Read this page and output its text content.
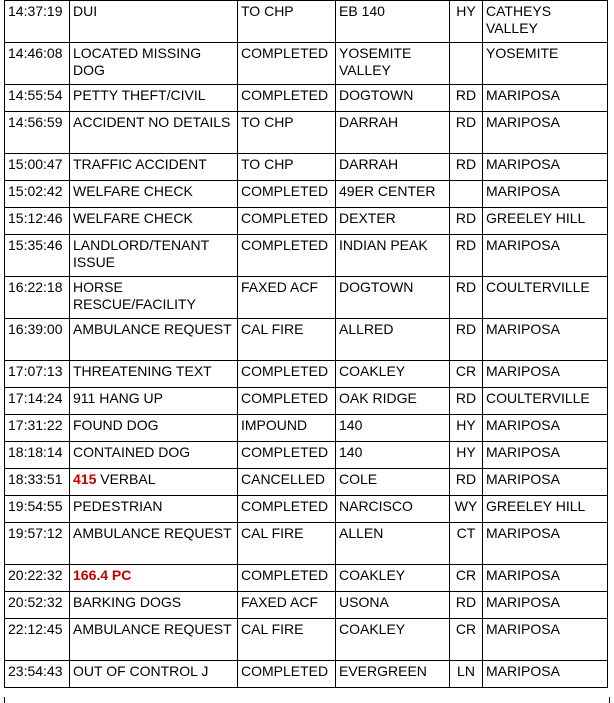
14:37:19	DUI	TO CHP	EB 140	HY	CATHEYS VALLEY
14:46:08	LOCATED MISSING DOG	COMPLETED	YOSEMITE VALLEY		YOSEMITE
14:55:54	PETTY THEFT/CIVIL	COMPLETED	DOGTOWN	RD	MARIPOSA
14:56:59	ACCIDENT NO DETAILS	TO CHP	DARRAH	RD	MARIPOSA
15:00:47	TRAFFIC ACCIDENT	TO CHP	DARRAH	RD	MARIPOSA
15:02:42	WELFARE CHECK	COMPLETED	49ER CENTER		MARIPOSA
15:12:46	WELFARE CHECK	COMPLETED	DEXTER	RD	GREELEY HILL
15:35:46	LANDLORD/TENANT ISSUE	COMPLETED	INDIAN PEAK	RD	MARIPOSA
16:22:18	HORSE RESCUE/FACILITY	FAXED ACF	DOGTOWN	RD	COULTERVILLE
16:39:00	AMBULANCE REQUEST	CAL FIRE	ALLRED	RD	MARIPOSA
17:07:13	THREATENING TEXT	COMPLETED	COAKLEY	CR	MARIPOSA
17:14:24	911 HANG UP	COMPLETED	OAK RIDGE	RD	COULTERVILLE
17:31:22	FOUND DOG	IMPOUND	140	HY	MARIPOSA
18:18:14	CONTAINED DOG	COMPLETED	140	HY	MARIPOSA
18:33:51	415 VERBAL	CANCELLED	COLE	RD	MARIPOSA
19:54:55	PEDESTRIAN	COMPLETED	NARCISCO	WY	GREELEY HILL
19:57:12	AMBULANCE REQUEST	CAL FIRE	ALLEN	CT	MARIPOSA
20:22:32	166.4 PC	COMPLETED	COAKLEY	CR	MARIPOSA
20:52:32	BARKING DOGS	FAXED ACF	USONA	RD	MARIPOSA
22:12:45	AMBULANCE REQUEST	CAL FIRE	COAKLEY	CR	MARIPOSA
23:54:43	OUT OF CONTROL J	COMPLETED	EVERGREEN	LN	MARIPOSA
